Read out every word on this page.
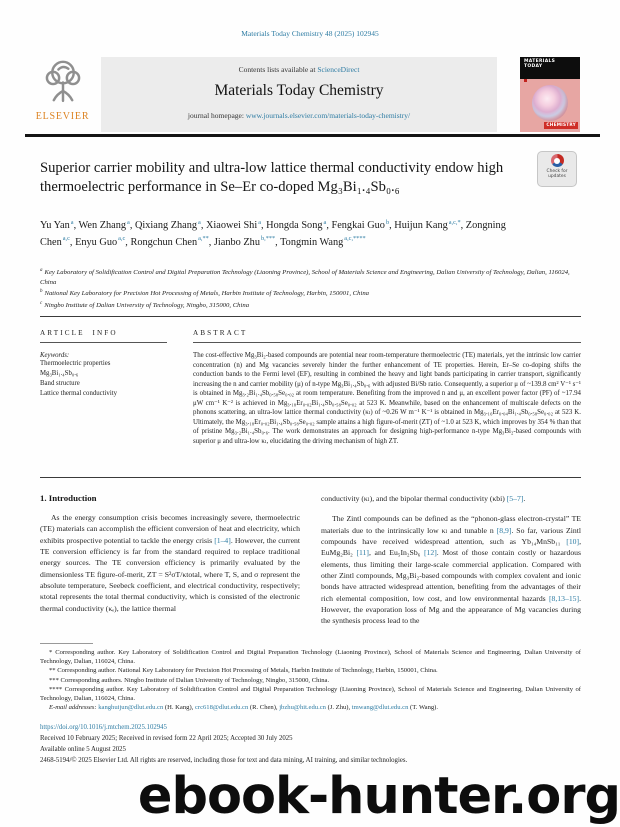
Materials Today Chemistry 48 (2025) 102945
ELSEVIER
Contents lists available at ScienceDirect
Materials Today Chemistry
journal homepage: www.journals.elsevier.com/materials-today-chemistry/
MATERIALS
TODAY
CHEMISTRY
Check for
updates
Superior carrier mobility and ultra-low lattice thermal conductivity endow high thermoelectric performance in Se–Er co-doped Mg₃Bi₁.₄Sb₀.₆
Yu Yan$^a$ , Wen Zhang$^a$ , Qixiang Zhang$^a$ , Xiaowei Shi$^a$ , Hongda Song$^a$ , Fengkai Guo$^b$ , Huijun Kang$^{a,c,*}$ , Zongning Chen$^{a,c}$ , Enyu Guo$^{a,c}$ , Rongchun Chen$^{a,**}$ , Jianbo Zhu$^{b,***}$ , Tongmin Wang$^{a,c,****}$
$^a$ Key Laboratory of Solidification Control and Digital Preparation Technology (Liaoning Province), School of Materials Science and Engineering, Dalian University of Technology, Dalian, 116024, China
$^b$ National Key Laboratory for Precision Hot Processing of Metals, Harbin Institute of Technology, Harbin, 150001, China
$^c$ Ningbo Institute of Dalian University of Technology, Ningbo, 315000, China
ARTICLE INFO
Keywords:
Thermoelectric properties
Mg₃Bi₁.₄Sb₀.₆
Band structure
Lattice thermal conductivity
ABSTRACT
The cost-effective Mg₃Bi₂-based compounds are potential near room-temperature thermoelectric (TE) materials, yet the intrinsic low carrier concentration (n) and Mg vacancies severely hinder the further enhancement of TE properties. Herein, Er–Se co-doping shifts the conduction bands to the Fermi level (EF), resulting in combined the heavy and light bands participating in carrier transport, significantly increasing the n and carrier mobility (μ) of n-type Mg₃Bi₁.₄Sb₀.₆ with adjusted Bi/Sb ratio. Consequently, a superior μ of ~139.8 cm² V⁻¹ s⁻¹ is obtained in Mg₃.₂Bi₁.₄Sb₀.₅₈Se₀.₀₂ at room temperature. Benefiting from the improved n and μ, an excellent power factor (PF) of ~17.94 μW cm⁻¹ K⁻² is achieved in Mg₃.₁₈Er₀.₀₂Bi₁.₄Sb₀.₅₈Se₀.₀₂ at 523 K. Meanwhile, based on the enhancement of multiscale defects on the phonons scattering, an ultra-low lattice thermal conductivity (κₗ) of ~0.26 W m⁻¹ K⁻¹ is obtained in Mg₃.₁₆Er₀.₀₄Bi₁.₄Sb₀.₅₈Se₀.₀₂ at 523 K. Ultimately, the Mg₃.₁₈Er₀.₀₂Bi₁.₄Sb₀.₅₈Se₀.₀₂ sample attains a high figure-of-merit (ZT) of ~1.0 at 523 K, which improves by 354 % than that of pristine Mg₃.₂Bi₁.₄Sb₀.₆. The work demonstrates an approach for designing high-performance n-type Mg₃Bi₂-based compounds with superior μ and ultra-low κₗ, elucidating the driving mechanism of high ZT.
1. Introduction

As the energy consumption crisis becomes increasingly severe, thermoelectric (TE) materials can accomplish the efficient conversion of heat and electricity, which exhibits prospective potential to tackle the energy crisis [1–4]. However, the current TE conversion efficiency is far from the standard required to replace traditional energy sources. The TE conversion efficiency is primarily evaluated by the dimensionless TE figure-of-merit, ZT = S²σT/κtotal, where T, S, and σ represent the absolute temperature, Seebeck coefficient, and electrical conductivity, respectively; κtotal represents the total thermal conductivity, which is consisted of the electronic thermal conductivity (κₑ), the lattice thermal

conductivity (κₗ), and the bipolar thermal conductivity (κbi) [5–7].

The Zintl compounds can be defined as the “phonon-glass electron-crystal” TE materials due to the intrinsically low κₗ and tunable n [8,9]. So far, various Zintl compounds have received widespread attention, such as Yb₁₄MnSb₁₁ [10], EuMg₂Bi₂ [11], and Eu₅In₂Sb₆ [12]. Most of those contain costly or hazardous elements, thus limiting their large-scale commercial application. Compared with other Zintl compounds, Mg₃Bi₂-based compounds with complex covalent and ionic bonds have attracted widespread attention, benefiting from the advantages of their rich elemental composition, low cost, and low environmental hazards [8,13–15]. However, the evaporation loss of Mg and the appearance of Mg vacancies during the synthesis process lead to the

* Corresponding author. Key Laboratory of Solidification Control and Digital Preparation Technology (Liaoning Province), School of Materials Science and Engineering, Dalian University of Technology, Dalian, 116024, China.

** Corresponding author. National Key Laboratory for Precision Hot Processing of Metals, Harbin Institute of Technology, Harbin, 150001, China.

*** Corresponding authors. Ningbo Institute of Dalian University of Technology, Ningbo, 315000, China.

**** Corresponding author. Key Laboratory of Solidification Control and Digital Preparation Technology (Liaoning Province), School of Materials Science and Engineering, Dalian University of Technology, Dalian, 116024, China.

E-mail addresses: kanghuijun@dlut.edu.cn (H. Kang), crc618@dlut.edu.cn (R. Chen), jbzhu@hit.edu.cn (J. Zhu), tmwang@dlut.edu.cn (T. Wang).

https://doi.org/10.1016/j.mtchem.2025.102945
Received 10 February 2025; Received in revised form 22 April 2025; Accepted 30 July 2025
Available online 5 August 2025
2468-5194/© 2025 Elsevier Ltd. All rights are reserved, including those for text and data mining, AI training, and similar technologies.
ebook-hunter.org
